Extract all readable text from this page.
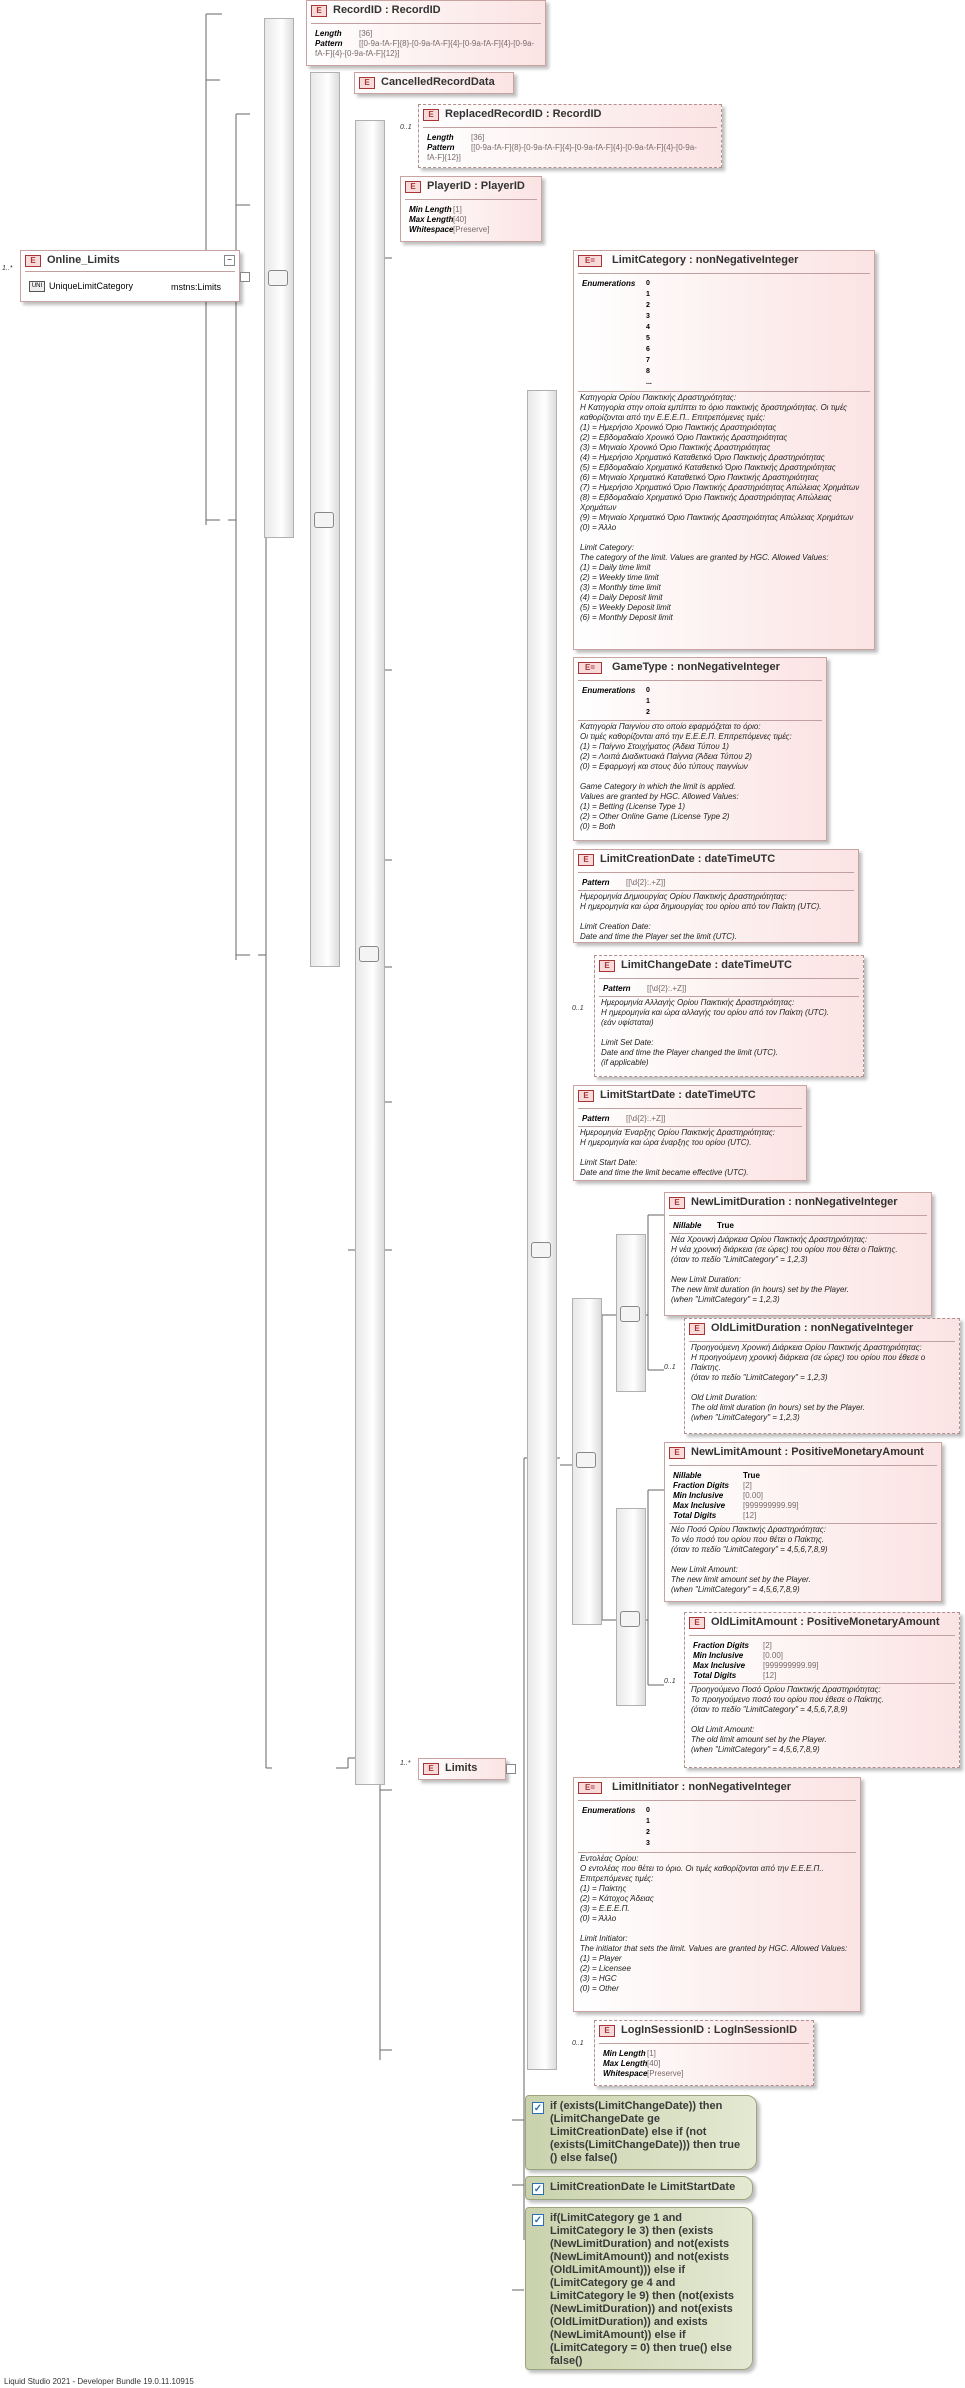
1..*
E	Online_Limits	−
UNI UniqueLimitCategory	mstns:Limits
E	RecordID : RecordID
Length [36]
Pattern [[0-9a-fA-F]{8}-[0-9a-fA-F]{4}-[0-9a-fA-F]{4}-[0-9a-fA-F]{4}-[0-9a-fA-F]{12}]
E	CancelledRecordData
0..1
E	ReplacedRecordID : RecordID
Length [36]
Pattern [[0-9a-fA-F]{8}-[0-9a-fA-F]{4}-[0-9a-fA-F]{4}-[0-9a-fA-F]{4}-[0-9a-fA-F]{12}]
E	PlayerID : PlayerID
Min Length[1]
Max Length[40]
Whitespace[Preserve]
E=	LimitCategory : nonNegativeInteger
Enumerations	0
1
2
3
4
5
6
7
8
...
Κατηγορία Ορίου Παικτικής Δραστηριότητας:
Η Κατηγορία στην οποία εμπίπτει το όριο παικτικής δραστηριότητας. Οι τιμές καθορίζονται από την Ε.Ε.Ε.Π.. Επιτρεπόμενες τιμές:
(1) = Ημερήσιο Χρονικό Όριο Παικτικής Δραστηριότητας
(2) = Εβδομαδιαίο Χρονικό Όριο Παικτικής Δραστηριότητας
(3) = Μηνιαίο Χρονικό Όριο Παικτικής Δραστηριότητας
(4) = Ημερήσιο Χρηματικό Καταθετικό Όριο Παικτικής Δραστηριότητας
(5) = Εβδομαδιαίο Χρηματικό Καταθετικό Όριο Παικτικής Δραστηριότητας
(6) = Μηνιαίο Χρηματικό Καταθετικό Όριο Παικτικής Δραστηριότητας
(7) = Ημερήσιο Χρηματικό Όριο Παικτικής Δραστηριότητας Απώλειας Χρημάτων
(8) = Εβδομαδιαίο Χρηματικό Όριο Παικτικής Δραστηριότητας Απώλειας Χρημάτων
(9) = Μηνιαίο Χρηματικό Όριο Παικτικής Δραστηριότητας Απώλειας Χρημάτων
(0) = Άλλο

Limit Category:
The category of the limit. Values are granted by HGC. Allowed Values:
(1) = Daily time limit
(2) = Weekly time limit
(3) = Monthly time limit
(4) = Daily Deposit limit
(5) = Weekly Deposit limit
(6) = Monthly Deposit limit
E=	GameType : nonNegativeInteger
Enumerations	0
1
2
Κατηγορία Παιγνίου στο οποίο εφαρμόζεται το όριο:
Οι τιμές καθορίζονται από την Ε.Ε.Ε.Π. Επιτρεπόμενες τιμές:
(1) = Παίγνιο Στοιχήματος (Άδεια Τύπου 1)
(2) = Λοιπά Διαδικτυακά Παίγνια (Άδεια Τύπου 2)
(0) = Εφαρμογή και στους δύο τύπους παιγνίων

Game Category in which the limit is applied.
Values are granted by HGC. Allowed Values:
(1) = Betting (License Type 1)
(2) = Other Online Game (License Type 2)
(0) = Both
E	LimitCreationDate : dateTimeUTC
Pattern [[\d{2}:.+Z]]
Ημερομηνία Δημιουργίας Ορίου Παικτικής Δραστηριότητας:
Η ημερομηνία και ώρα δημιουργίας του ορίου από τον Παίκτη (UTC).

Limit Creation Date:
Date and time the Player set the limit (UTC).
0..1
E	LimitChangeDate : dateTimeUTC
Pattern [[\d{2}:.+Z]]
Ημερομηνία Αλλαγής Ορίου Παικτικής Δραστηριότητας:
Η ημερομηνία και ώρα αλλαγής του ορίου από τον Παίκτη (UTC).
(εάν υφίσταται)

Limit Set Date:
Date and time the Player changed the limit (UTC).
(if applicable)
E	LimitStartDate : dateTimeUTC
Pattern [[\d{2}:.+Z]]
Ημερομηνία Έναρξης Ορίου Παικτικής Δραστηριότητας:
Η ημερομηνία και ώρα έναρξης του ορίου (UTC).

Limit Start Date:
Date and time the limit became effective (UTC).
E	NewLimitDuration : nonNegativeInteger
Nillable True
Νέα Χρονική Διάρκεια Ορίου Παικτικής Δραστηριότητας:
Η νέα χρονική διάρκεια (σε ώρες) του ορίου που θέτει ο Παίκτης.
(όταν το πεδίο "LimitCategory" = 1,2,3)

New Limit Duration:
The new limit duration (in hours) set by the Player.
(when "LimitCategory" = 1,2,3)
0..1
E	OldLimitDuration : nonNegativeInteger
Προηγούμενη Χρονική Διάρκεια Ορίου Παικτικής Δραστηριότητας:
Η προηγούμενη χρονική διάρκεια (σε ώρες) του ορίου που έθεσε ο Παίκτης.
(όταν το πεδίο "LimitCategory" = 1,2,3)

Old Limit Duration:
The old limit duration (in hours) set by the Player.
(when "LimitCategory" = 1,2,3)
E	NewLimitAmount : PositiveMonetaryAmount
Nillable	True
Fraction Digits [2]
Min Inclusive [0.00]
Max Inclusive [999999999.99]
Total Digits	[12]
Νέο Ποσό Ορίου Παικτικής Δραστηριότητας:
Το νέο ποσό του ορίου που θέτει ο Παίκτης.
(όταν το πεδίο "LimitCategory" = 4,5,6,7,8,9)

New Limit Amount:
The new limit amount set by the Player.
(when "LimitCategory" = 4,5,6,7,8,9)
0..1
E	OldLimitAmount : PositiveMonetaryAmount
Fraction Digits [2]
Min Inclusive [0.00]
Max Inclusive [999999999.99]
Total Digits	[12]
Προηγούμενο Ποσό Ορίου Παικτικής Δραστηριότητας:
Το προηγούμενο ποσό του ορίου που έθεσε ο Παίκτης.
(όταν το πεδίο "LimitCategory" = 4,5,6,7,8,9)

Old Limit Amount:
The old limit amount set by the Player.
(when "LimitCategory" = 4,5,6,7,8,9)
1..*
E	Limits
E=	LimitInitiator : nonNegativeInteger
Enumerations	0
1
2
3
Εντολέας Ορίου:
Ο εντολέας που θέτει το όριο. Οι τιμές καθορίζονται από την Ε.Ε.Ε.Π.. Επιτρεπόμενες τιμές:
(1) = Παίκτης
(2) = Κάτοχος Άδειας
(3) = Ε.Ε.Ε.Π.
(0) = Άλλο

Limit Initiator:
The initiator that sets the limit. Values are granted by HGC. Allowed Values:
(1) = Player
(2) = Licensee
(3) = HGC
(0) = Other
0..1
E	LogInSessionID : LogInSessionID
Min Length[1]
Max Length[40]
Whitespace[Preserve]
✓ if (exists(LimitChangeDate)) then (LimitChangeDate ge LimitCreationDate) else if (not (exists(LimitChangeDate))) then true () else false()
✓ LimitCreationDate le LimitStartDate
✓ if(LimitCategory ge 1 and LimitCategory le 3) then (exists (NewLimitDuration) and not(exists (NewLimitAmount)) and not(exists (OldLimitAmount))) else if (LimitCategory ge 4 and LimitCategory le 9) then (not(exists (NewLimitDuration)) and not(exists (OldLimitDuration)) and exists (NewLimitAmount)) else if (LimitCategory = 0) then true() else false()
Liquid Studio 2021 - Developer Bundle 19.0.11.10915
